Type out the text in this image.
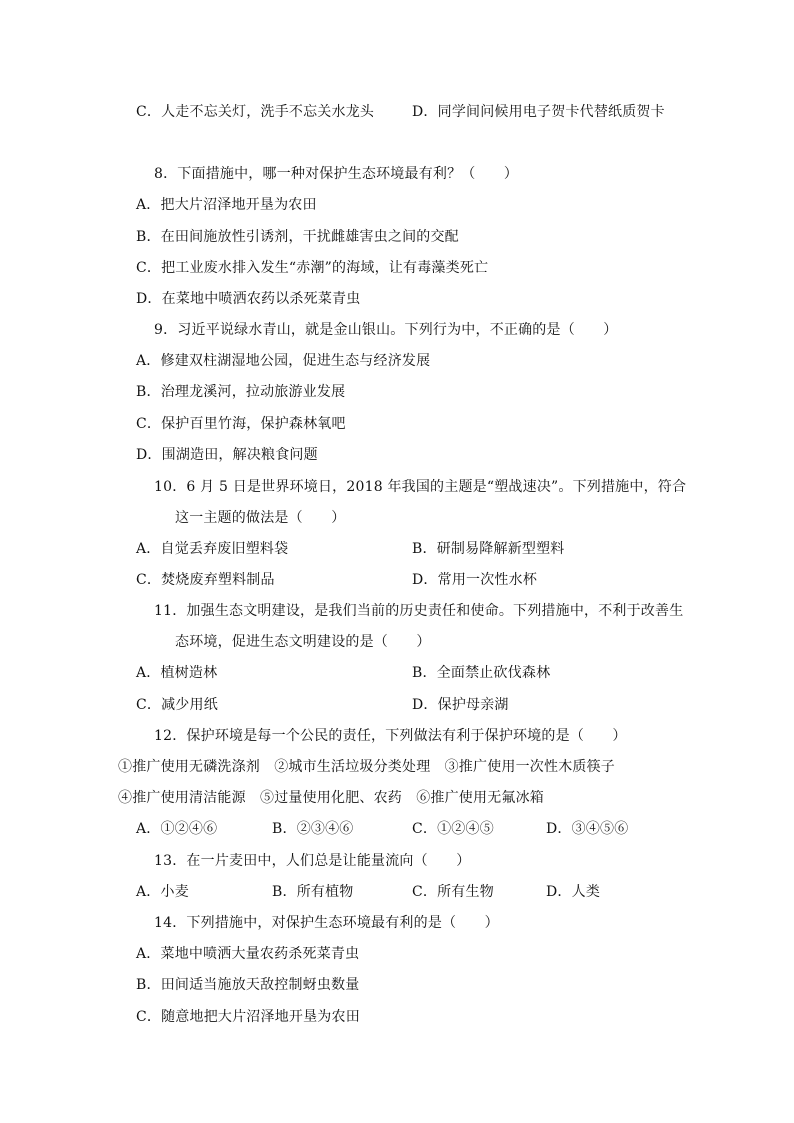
C．人走不忘关灯，洗手不忘关水龙头	D．同学间问候用电子贺卡代替纸质贺卡
8．下面措施中，哪一种对保护生态环境最有利？（　　）
A．把大片沼泽地开垦为农田
B．在田间施放性引诱剂，干扰雌雄害虫之间的交配
C．把工业废水排入发生“赤潮”的海域，让有毒藻类死亡
D．在菜地中喷洒农药以杀死菜青虫
9．习近平说绿水青山，就是金山银山。下列行为中，不正确的是（　　）
A．修建双柱湖湿地公园，促进生态与经济发展
B．治理龙溪河，拉动旅游业发展
C．保护百里竹海，保护森林氧吧
D．围湖造田，解决粮食问题
10．6 月 5 日是世界环境日，2018 年我国的主题是“塑战速决”。下列措施中，符合
这一主题的做法是（　　）
A．自觉丢弃废旧塑料袋	B．研制易降解新型塑料
C．焚烧废弃塑料制品	D．常用一次性水杯
11．加强生态文明建设，是我们当前的历史责任和使命。下列措施中，不利于改善生
态环境，促进生态文明建设的是（　　）
A．植树造林	B．全面禁止砍伐森林
C．减少用纸	D．保护母亲湖
12．保护环境是每一个公民的责任，下列做法有利于保护环境的是（　　）
①推广使用无磷洗涤剂　②城市生活垃圾分类处理　③推广使用一次性木质筷子
④推广使用清洁能源　⑤过量使用化肥、农药　⑥推广使用无氟冰箱
A．①②④⑥	B．②③④⑥	C．①②④⑤	D．③④⑤⑥
13．在一片麦田中，人们总是让能量流向（　　）
A．小麦	B．所有植物	C．所有生物	D．人类
14．下列措施中，对保护生态环境最有利的是（　　）
A．菜地中喷洒大量农药杀死菜青虫
B．田间适当施放天敌控制蚜虫数量
C．随意地把大片沼泽地开垦为农田
